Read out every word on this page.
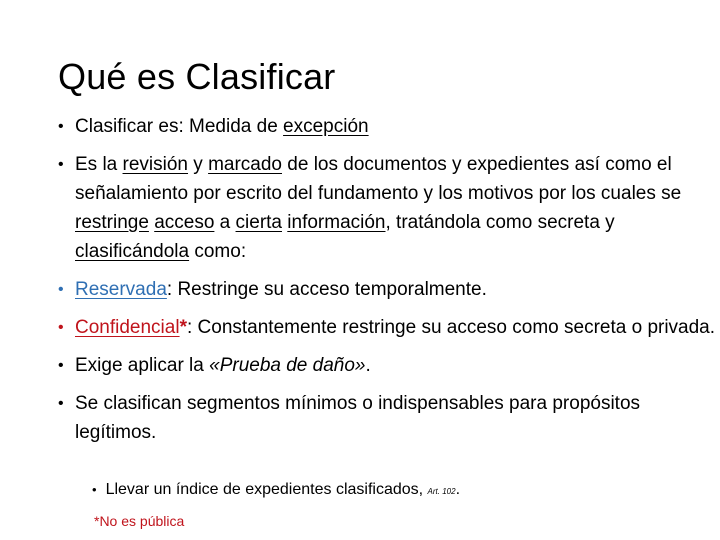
Qué es Clasificar
• Clasificar es: Medida de excepción
• Es la revisión y marcado de los documentos y expedientes así como el señalamiento por escrito del fundamento y los motivos por los cuales se restringe acceso a cierta información, tratándola como secreta y clasificándola como:
• Reservada: Restringe su acceso temporalmente.
• Confidencial*: Constantemente restringe su acceso como secreta o privada.
• Exige aplicar la «Prueba de daño».
• Se clasifican segmentos mínimos o indispensables para propósitos legítimos.
• Llevar un índice de expedientes clasificados, Art. 102.
*No es pública
